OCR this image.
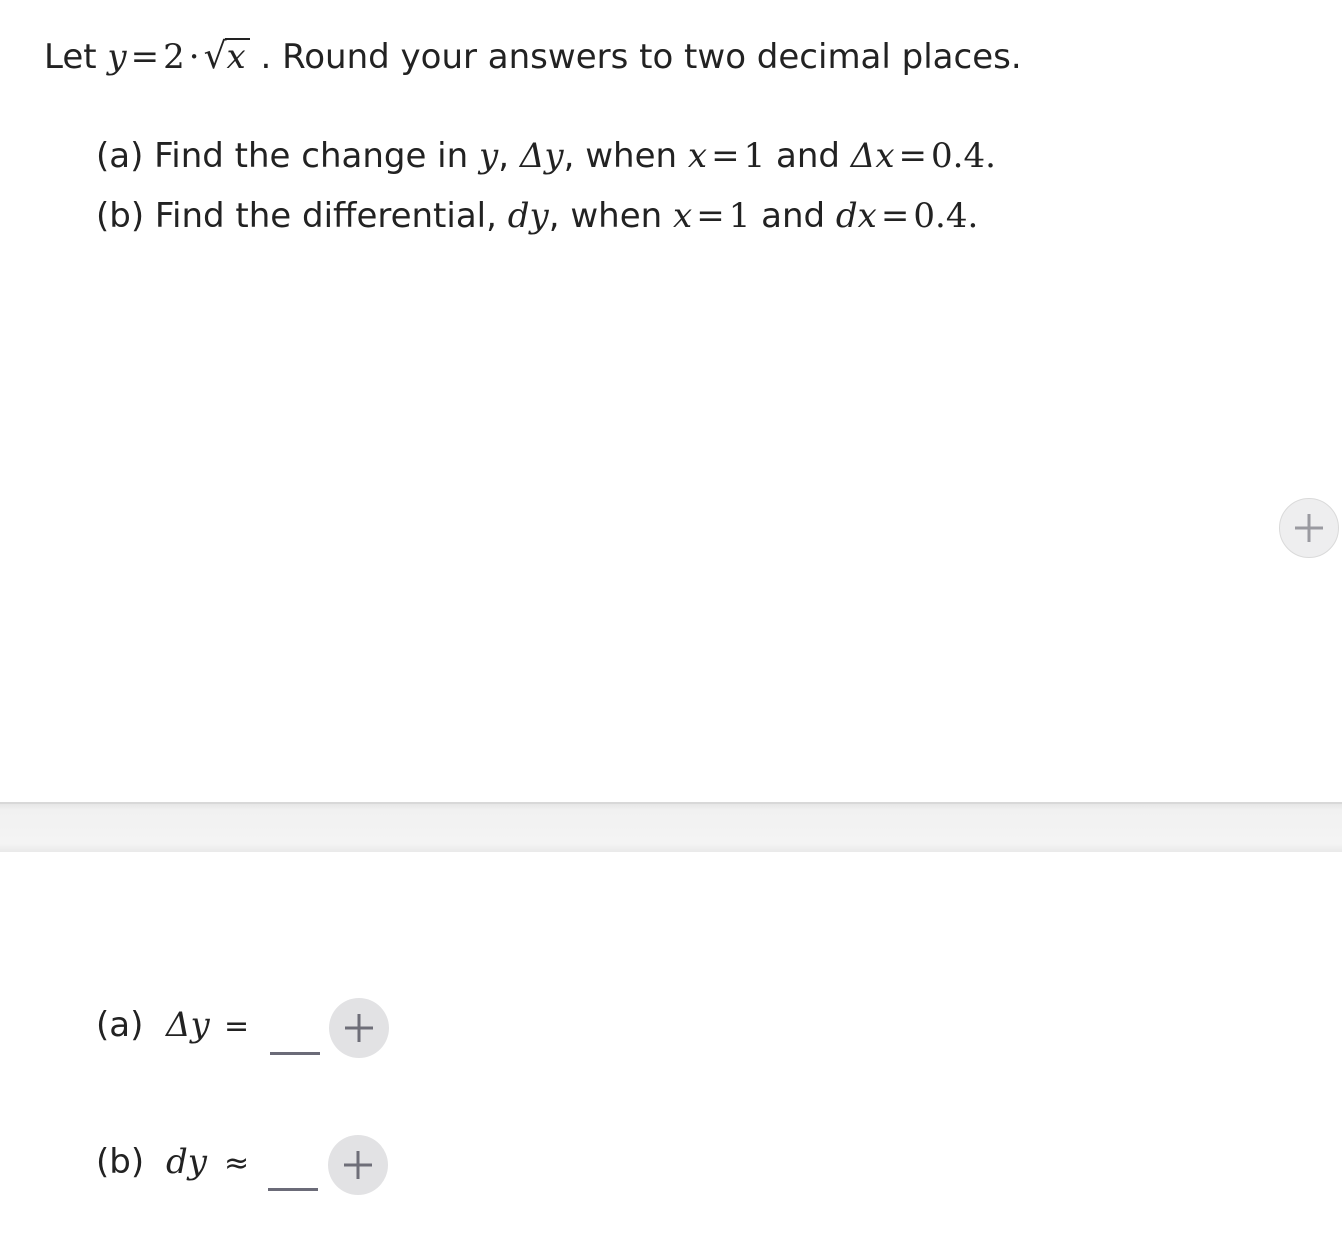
Let y = 2 · √x . Round your answers to two decimal places.
(a) Find the change in y, Δy, when x = 1 and Δx = 0.4.
(b) Find the differential, dy, when x = 1 and dx = 0.4.
(a) Δy =
(b) dy ≈
